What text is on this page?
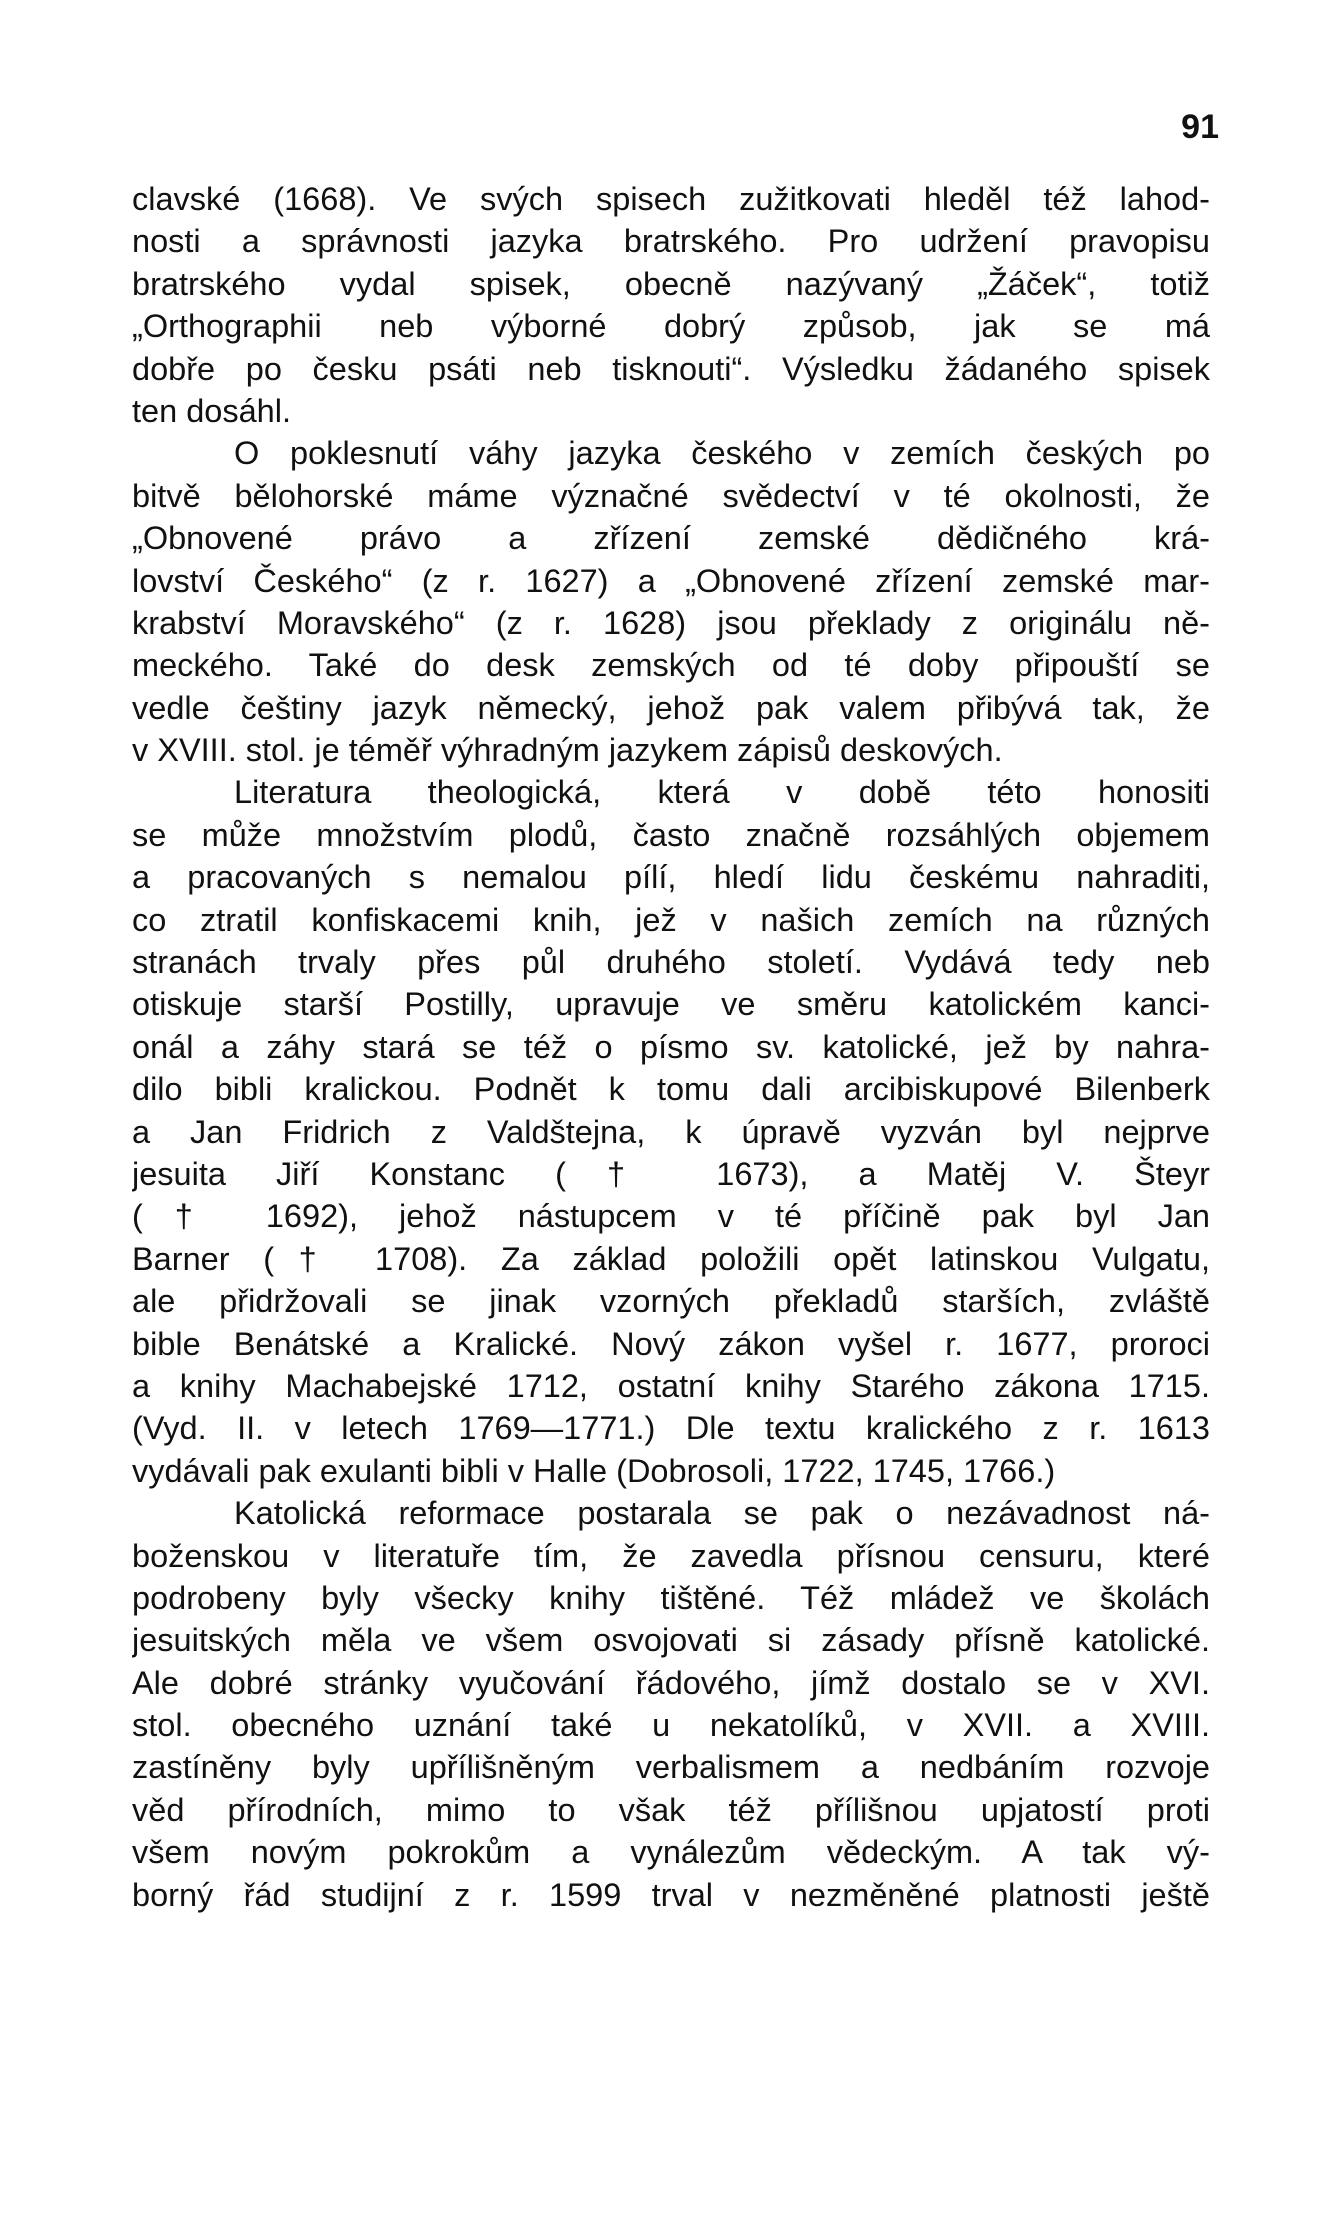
91
clavské (1668). Ve svých spisech zužitkovati hleděl též lahod-
nosti a správnosti jazyka bratrského. Pro udržení pravopisu
bratrského vydal spisek, obecně nazývaný „Žáček“, totiž
„Orthographii neb výborné dobrý způsob, jak se má
dobře po česku psáti neb tisknouti“. Výsledku žádaného spisek
ten dosáhl.
O poklesnutí váhy jazyka českého v zemích českých po
bitvě bělohorské máme význačné svědectví v té okolnosti, že
„Obnovené právo a zřízení zemské dědičného krá-
lovství Českého“ (z r. 1627) a „Obnovené zřízení zemské mar-
krabství Moravského“ (z r. 1628) jsou překlady z originálu ně-
meckého. Také do desk zemských od té doby připouští se
vedle češtiny jazyk německý, jehož pak valem přibývá tak, že
v XVIII. stol. je téměř výhradným jazykem zápisů deskových.
Literatura theologická, která v době této honositi
se může množstvím plodů, často značně rozsáhlých objemem
a pracovaných s nemalou pílí, hledí lidu českému nahraditi,
co ztratil konfiskacemi knih, jež v našich zemích na různých
stranách trvaly přes půl druhého století. Vydává tedy neb
otiskuje starší Postilly, upravuje ve směru katolickém kanci-
onál a záhy stará se též o písmo sv. katolické, jež by nahra-
dilo bibli kralickou. Podnět k tomu dali arcibiskupové Bilenberk
a Jan Fridrich z Valdštejna, k úpravě vyzván byl nejprve
jesuita Jiří Konstanc († 1673), a Matěj V. Šteyr
(† 1692), jehož nástupcem v té příčině pak byl Jan
Barner († 1708). Za základ položili opět latinskou Vulgatu,
ale přidržovali se jinak vzorných překladů starších, zvláště
bible Benátské a Kralické. Nový zákon vyšel r. 1677, proroci
a knihy Machabejské 1712, ostatní knihy Starého zákona 1715.
(Vyd. II. v letech 1769—1771.) Dle textu kralického z r. 1613
vydávali pak exulanti bibli v Halle (Dobrosoli, 1722, 1745, 1766.)
Katolická reformace postarala se pak o nezávadnost ná-
boženskou v literatuře tím, že zavedla přísnou censuru, které
podrobeny byly všecky knihy tištěné. Též mládež ve školách
jesuitských měla ve všem osvojovati si zásady přísně katolické.
Ale dobré stránky vyučování řádového, jímž dostalo se v XVI.
stol. obecného uznání také u nekatolíků, v XVII. a XVIII.
zastíněny byly upřílišněným verbalismem a nedbáním rozvoje
věd přírodních, mimo to však též přílišnou upjatostí proti
všem novým pokrokům a vynálezům vědeckým. A tak vý-
borný řád studijní z r. 1599 trval v nezměněné platnosti ještě
